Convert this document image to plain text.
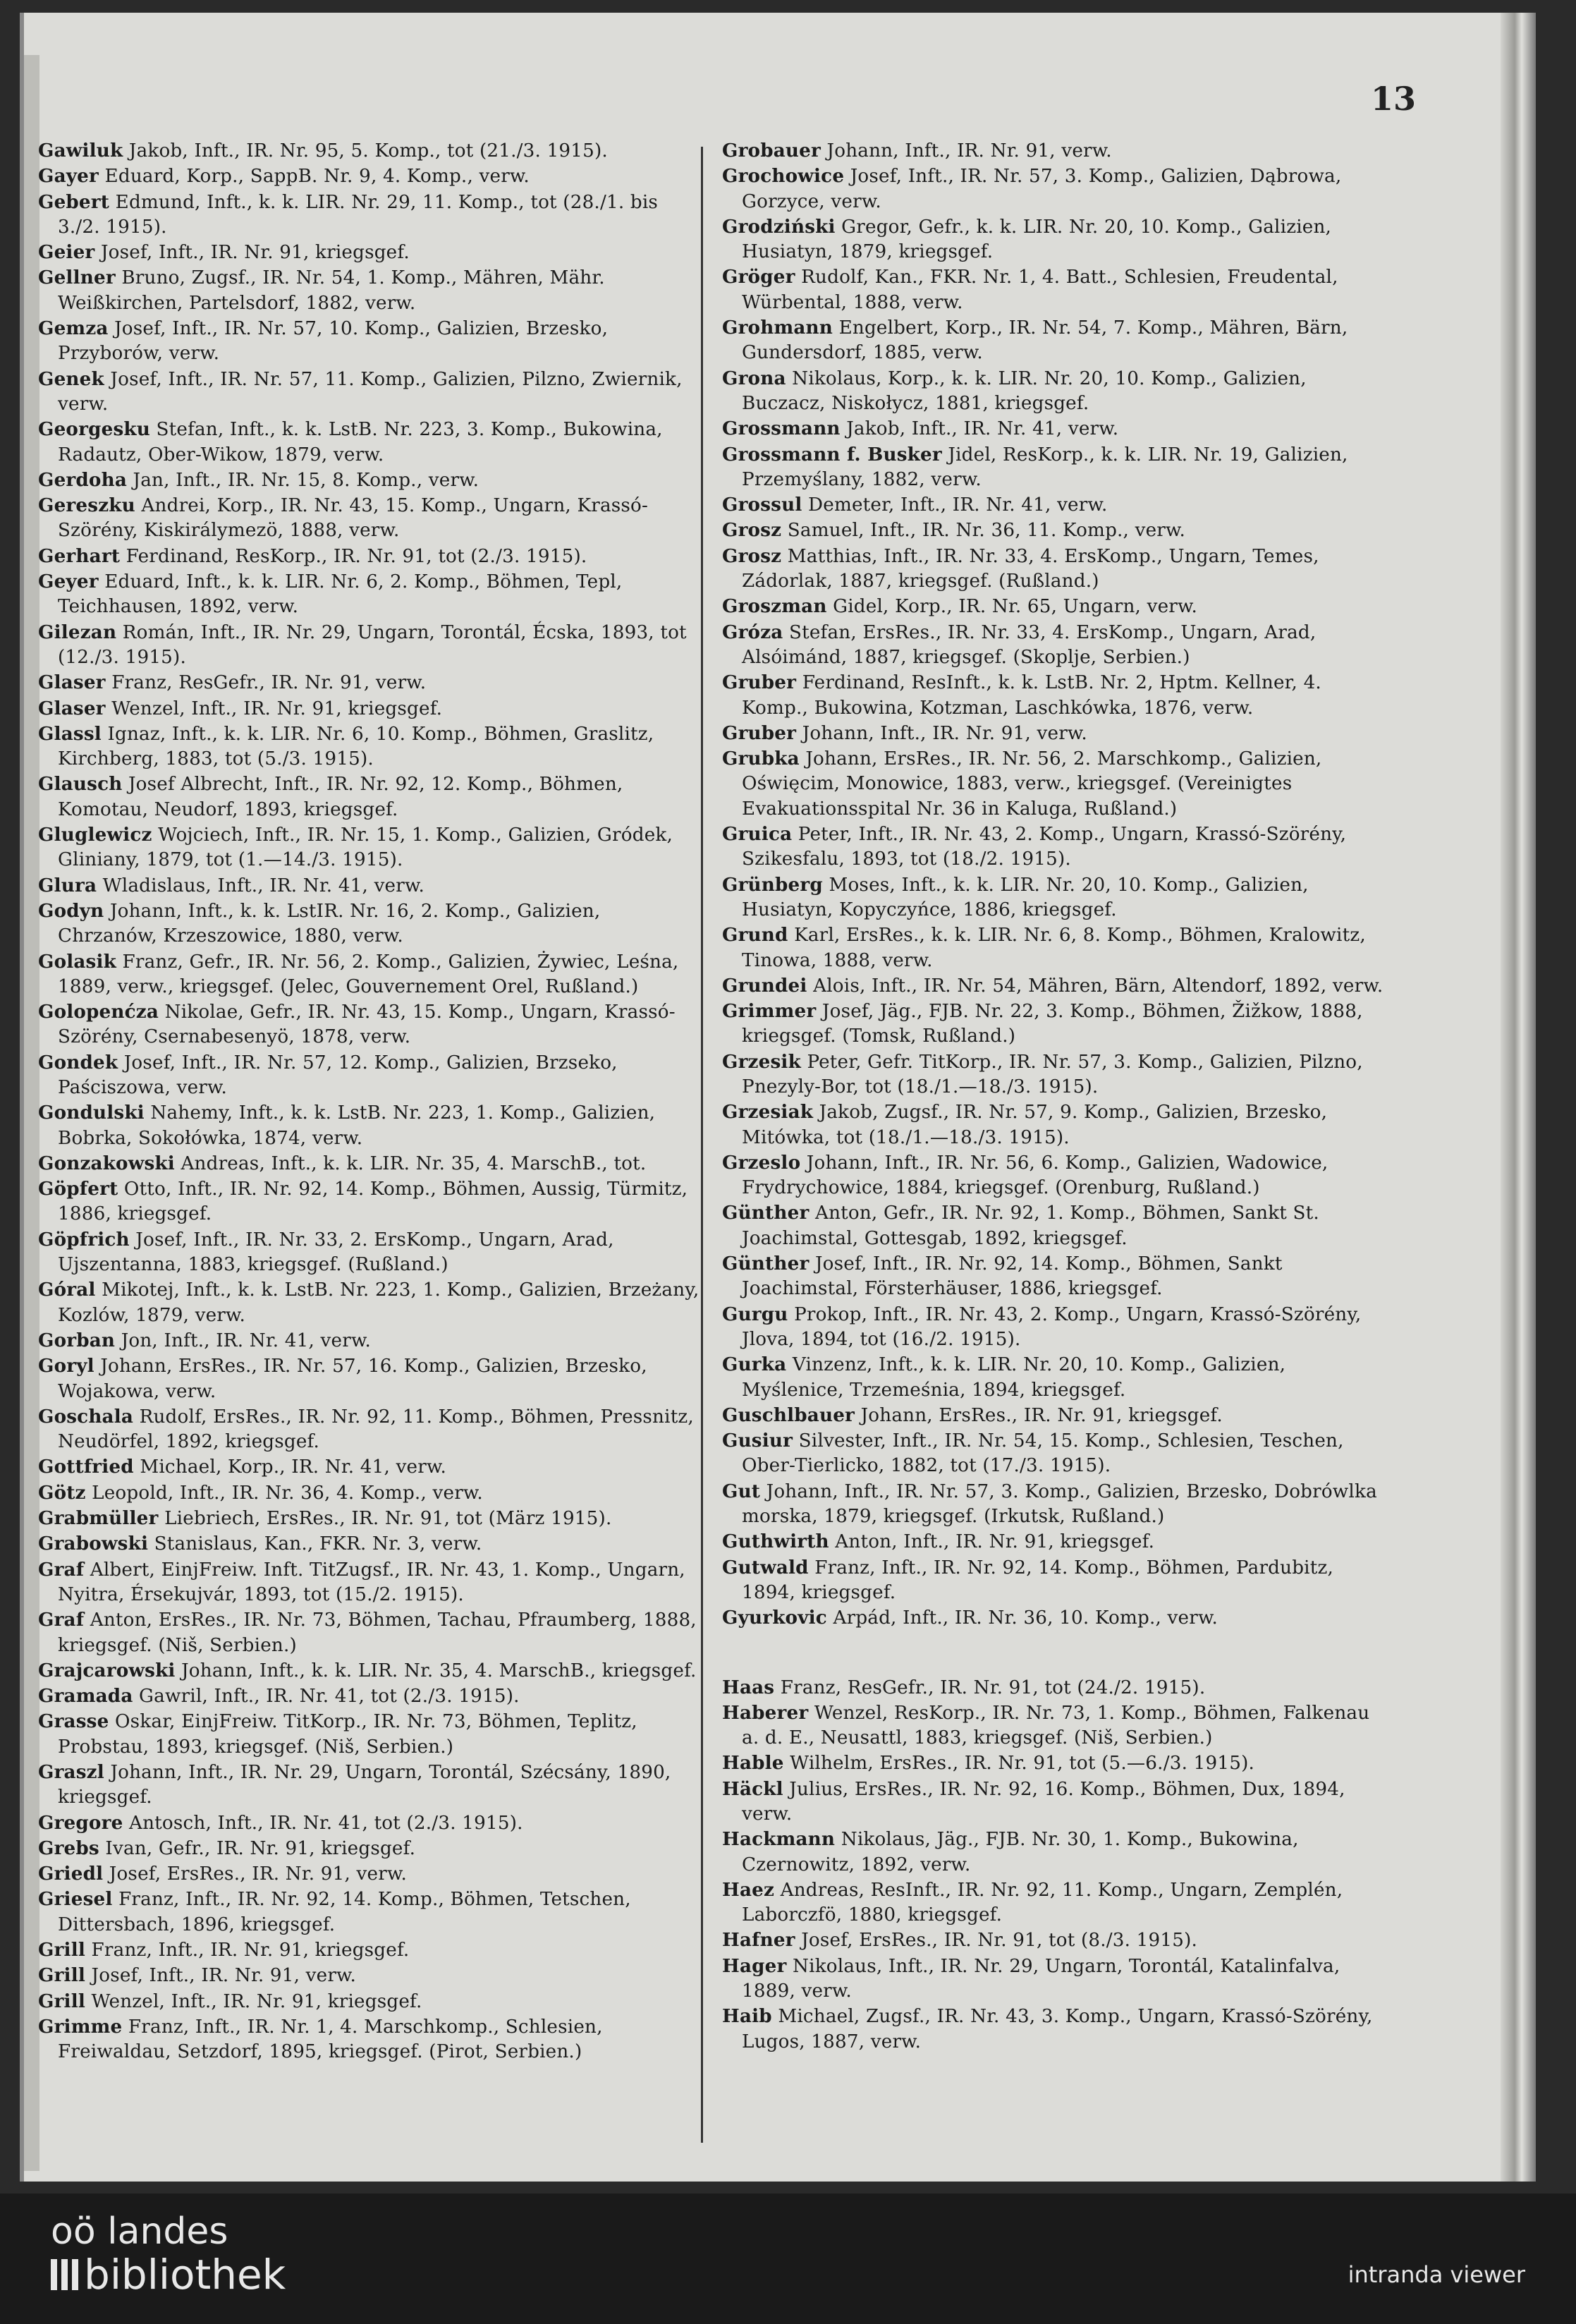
13
Gawiluk Jakob, Inft., IR. Nr. 95, 5. Komp., tot (21./3. 1915).
Gayer Eduard, Korp., SappB. Nr. 9, 4. Komp., verw.
Gebert Edmund, Inft., k. k. LIR. Nr. 29, 11. Komp., tot (28./1. bis 3./2. 1915).
Geier Josef, Inft., IR. Nr. 91, kriegsgef.
Gellner Bruno, Zugsf., IR. Nr. 54, 1. Komp., Mähren, Mähr. Weißkirchen, Partelsdorf, 1882, verw.
Gemza Josef, Inft., IR. Nr. 57, 10. Komp., Galizien, Brzesko, Przyborów, verw.
Genek Josef, Inft., IR. Nr. 57, 11. Komp., Galizien, Pilzno, Zwiernik, verw.
Georgesku Stefan, Inft., k. k. LstB. Nr. 223, 3. Komp., Bukowina, Radautz, Ober-Wikow, 1879, verw.
Gerdoha Jan, Inft., IR. Nr. 15, 8. Komp., verw.
Gereszku Andrei, Korp., IR. Nr. 43, 15. Komp., Ungarn, Krassó-Szörény, Kiskirálymezö, 1888, verw.
Gerhart Ferdinand, ResKorp., IR. Nr. 91, tot (2./3. 1915).
Geyer Eduard, Inft., k. k. LIR. Nr. 6, 2. Komp., Böhmen, Tepl, Teichhausen, 1892, verw.
Gilezan Román, Inft., IR. Nr. 29, Ungarn, Torontál, Écska, 1893, tot (12./3. 1915).
Glaser Franz, ResGefr., IR. Nr. 91, verw.
Glaser Wenzel, Inft., IR. Nr. 91, kriegsgef.
Glassl Ignaz, Inft., k. k. LIR. Nr. 6, 10. Komp., Böhmen, Graslitz, Kirchberg, 1883, tot (5./3. 1915).
Glausch Josef Albrecht, Inft., IR. Nr. 92, 12. Komp., Böhmen, Komotau, Neudorf, 1893, kriegsgef.
Gluglewicz Wojciech, Inft., IR. Nr. 15, 1. Komp., Galizien, Gródek, Gliniany, 1879, tot (1.—14./3. 1915).
Glura Wladislaus, Inft., IR. Nr. 41, verw.
Godyn Johann, Inft., k. k. LstIR. Nr. 16, 2. Komp., Galizien, Chrzanów, Krzeszowice, 1880, verw.
Golasik Franz, Gefr., IR. Nr. 56, 2. Komp., Galizien, Żywiec, Leśna, 1889, verw., kriegsgef. (Jelec, Gouvernement Orel, Rußland.)
Golopenćza Nikolae, Gefr., IR. Nr. 43, 15. Komp., Ungarn, Krassó-Szörény, Csernabesenyö, 1878, verw.
Gondek Josef, Inft., IR. Nr. 57, 12. Komp., Galizien, Brzseko, Paściszowa, verw.
Gondulski Nahemy, Inft., k. k. LstB. Nr. 223, 1. Komp., Galizien, Bobrka, Sokołówka, 1874, verw.
Gonzakowski Andreas, Inft., k. k. LIR. Nr. 35, 4. MarschB., tot.
Göpfert Otto, Inft., IR. Nr. 92, 14. Komp., Böhmen, Aussig, Türmitz, 1886, kriegsgef.
Göpfrich Josef, Inft., IR. Nr. 33, 2. ErsKomp., Ungarn, Arad, Ujszentanna, 1883, kriegsgef. (Rußland.)
Góral Mikotej, Inft., k. k. LstB. Nr. 223, 1. Komp., Galizien, Brzeżany, Kozlów, 1879, verw.
Gorban Jon, Inft., IR. Nr. 41, verw.
Goryl Johann, ErsRes., IR. Nr. 57, 16. Komp., Galizien, Brzesko, Wojakowa, verw.
Goschala Rudolf, ErsRes., IR. Nr. 92, 11. Komp., Böhmen, Pressnitz, Neudörfel, 1892, kriegsgef.
Gottfried Michael, Korp., IR. Nr. 41, verw.
Götz Leopold, Inft., IR. Nr. 36, 4. Komp., verw.
Grabmüller Liebriech, ErsRes., IR. Nr. 91, tot (März 1915).
Grabowski Stanislaus, Kan., FKR. Nr. 3, verw.
Graf Albert, EinjFreiw. Inft. TitZugsf., IR. Nr. 43, 1. Komp., Ungarn, Nyitra, Érsekujvár, 1893, tot (15./2. 1915).
Graf Anton, ErsRes., IR. Nr. 73, Böhmen, Tachau, Pfraumberg, 1888, kriegsgef. (Niš, Serbien.)
Grajcarowski Johann, Inft., k. k. LIR. Nr. 35, 4. MarschB., kriegsgef.
Gramada Gawril, Inft., IR. Nr. 41, tot (2./3. 1915).
Grasse Oskar, EinjFreiw. TitKorp., IR. Nr. 73, Böhmen, Teplitz, Probstau, 1893, kriegsgef. (Niš, Serbien.)
Graszl Johann, Inft., IR. Nr. 29, Ungarn, Torontál, Szécsány, 1890, kriegsgef.
Gregore Antosch, Inft., IR. Nr. 41, tot (2./3. 1915).
Grebs Ivan, Gefr., IR. Nr. 91, kriegsgef.
Griedl Josef, ErsRes., IR. Nr. 91, verw.
Griesel Franz, Inft., IR. Nr. 92, 14. Komp., Böhmen, Tetschen, Dittersbach, 1896, kriegsgef.
Grill Franz, Inft., IR. Nr. 91, kriegsgef.
Grill Josef, Inft., IR. Nr. 91, verw.
Grill Wenzel, Inft., IR. Nr. 91, kriegsgef.
Grimme Franz, Inft., IR. Nr. 1, 4. Marschkomp., Schlesien, Freiwaldau, Setzdorf, 1895, kriegsgef. (Pirot, Serbien.)
Grobauer Johann, Inft., IR. Nr. 91, verw.
Grochowice Josef, Inft., IR. Nr. 57, 3. Komp., Galizien, Dąbrowa, Gorzyce, verw.
Grodziński Gregor, Gefr., k. k. LIR. Nr. 20, 10. Komp., Galizien, Husiatyn, 1879, kriegsgef.
Gröger Rudolf, Kan., FKR. Nr. 1, 4. Batt., Schlesien, Freudental, Würbental, 1888, verw.
Grohmann Engelbert, Korp., IR. Nr. 54, 7. Komp., Mähren, Bärn, Gundersdorf, 1885, verw.
Grona Nikolaus, Korp., k. k. LIR. Nr. 20, 10. Komp., Galizien, Buczacz, Niskołycz, 1881, kriegsgef.
Grossmann Jakob, Inft., IR. Nr. 41, verw.
Grossmann f. Busker Jidel, ResKorp., k. k. LIR. Nr. 19, Galizien, Przemyślany, 1882, verw.
Grossul Demeter, Inft., IR. Nr. 41, verw.
Grosz Samuel, Inft., IR. Nr. 36, 11. Komp., verw.
Grosz Matthias, Inft., IR. Nr. 33, 4. ErsKomp., Ungarn, Temes, Zádorlak, 1887, kriegsgef. (Rußland.)
Groszman Gidel, Korp., IR. Nr. 65, Ungarn, verw.
Gróza Stefan, ErsRes., IR. Nr. 33, 4. ErsKomp., Ungarn, Arad, Alsóimánd, 1887, kriegsgef. (Skoplje, Serbien.)
Gruber Ferdinand, ResInft., k. k. LstB. Nr. 2, Hptm. Kellner, 4. Komp., Bukowina, Kotzman, Laschkówka, 1876, verw.
Gruber Johann, Inft., IR. Nr. 91, verw.
Grubka Johann, ErsRes., IR. Nr. 56, 2. Marschkomp., Galizien, Oświęcim, Monowice, 1883, verw., kriegsgef. (Vereinigtes Evakuationsspital Nr. 36 in Kaluga, Rußland.)
Gruica Peter, Inft., IR. Nr. 43, 2. Komp., Ungarn, Krassó-Szörény, Szikesfalu, 1893, tot (18./2. 1915).
Grünberg Moses, Inft., k. k. LIR. Nr. 20, 10. Komp., Galizien, Husiatyn, Kopyczyńce, 1886, kriegsgef.
Grund Karl, ErsRes., k. k. LIR. Nr. 6, 8. Komp., Böhmen, Kralowitz, Tinowa, 1888, verw.
Grundei Alois, Inft., IR. Nr. 54, Mähren, Bärn, Altendorf, 1892, verw.
Grimmer Josef, Jäg., FJB. Nr. 22, 3. Komp., Böhmen, Žižkow, 1888, kriegsgef. (Tomsk, Rußland.)
Grzesik Peter, Gefr. TitKorp., IR. Nr. 57, 3. Komp., Galizien, Pilzno, Pnezyly-Bor, tot (18./1.—18./3. 1915).
Grzesiak Jakob, Zugsf., IR. Nr. 57, 9. Komp., Galizien, Brzesko, Mitówka, tot (18./1.—18./3. 1915).
Grzeslo Johann, Inft., IR. Nr. 56, 6. Komp., Galizien, Wadowice, Frydrychowice, 1884, kriegsgef. (Orenburg, Rußland.)
Günther Anton, Gefr., IR. Nr. 92, 1. Komp., Böhmen, Sankt St. Joachimstal, Gottesgab, 1892, kriegsgef.
Günther Josef, Inft., IR. Nr. 92, 14. Komp., Böhmen, Sankt Joachimstal, Försterhäuser, 1886, kriegsgef.
Gurgu Prokop, Inft., IR. Nr. 43, 2. Komp., Ungarn, Krassó-Szörény, Jlova, 1894, tot (16./2. 1915).
Gurka Vinzenz, Inft., k. k. LIR. Nr. 20, 10. Komp., Galizien, Myślenice, Trzemeśnia, 1894, kriegsgef.
Guschlbauer Johann, ErsRes., IR. Nr. 91, kriegsgef.
Gusiur Silvester, Inft., IR. Nr. 54, 15. Komp., Schlesien, Teschen, Ober-Tierlicko, 1882, tot (17./3. 1915).
Gut Johann, Inft., IR. Nr. 57, 3. Komp., Galizien, Brzesko, Dobrówlka morska, 1879, kriegsgef. (Irkutsk, Rußland.)
Guthwirth Anton, Inft., IR. Nr. 91, kriegsgef.
Gutwald Franz, Inft., IR. Nr. 92, 14. Komp., Böhmen, Pardubitz, 1894, kriegsgef.
Gyurkovic Arpád, Inft., IR. Nr. 36, 10. Komp., verw.
Haas Franz, ResGefr., IR. Nr. 91, tot (24./2. 1915).
Haberer Wenzel, ResKorp., IR. Nr. 73, 1. Komp., Böhmen, Falkenau a. d. E., Neusattl, 1883, kriegsgef. (Niš, Serbien.)
Hable Wilhelm, ErsRes., IR. Nr. 91, tot (5.—6./3. 1915).
Häckl Julius, ErsRes., IR. Nr. 92, 16. Komp., Böhmen, Dux, 1894, verw.
Hackmann Nikolaus, Jäg., FJB. Nr. 30, 1. Komp., Bukowina, Czernowitz, 1892, verw.
Haez Andreas, ResInft., IR. Nr. 92, 11. Komp., Ungarn, Zemplén, Laborczfö, 1880, kriegsgef.
Hafner Josef, ErsRes., IR. Nr. 91, tot (8./3. 1915).
Hager Nikolaus, Inft., IR. Nr. 29, Ungarn, Torontál, Katalinfalva, 1889, verw.
Haib Michael, Zugsf., IR. Nr. 43, 3. Komp., Ungarn, Krassó-Szörény, Lugos, 1887, verw.
oö landes
bibliothek	intranda viewer
